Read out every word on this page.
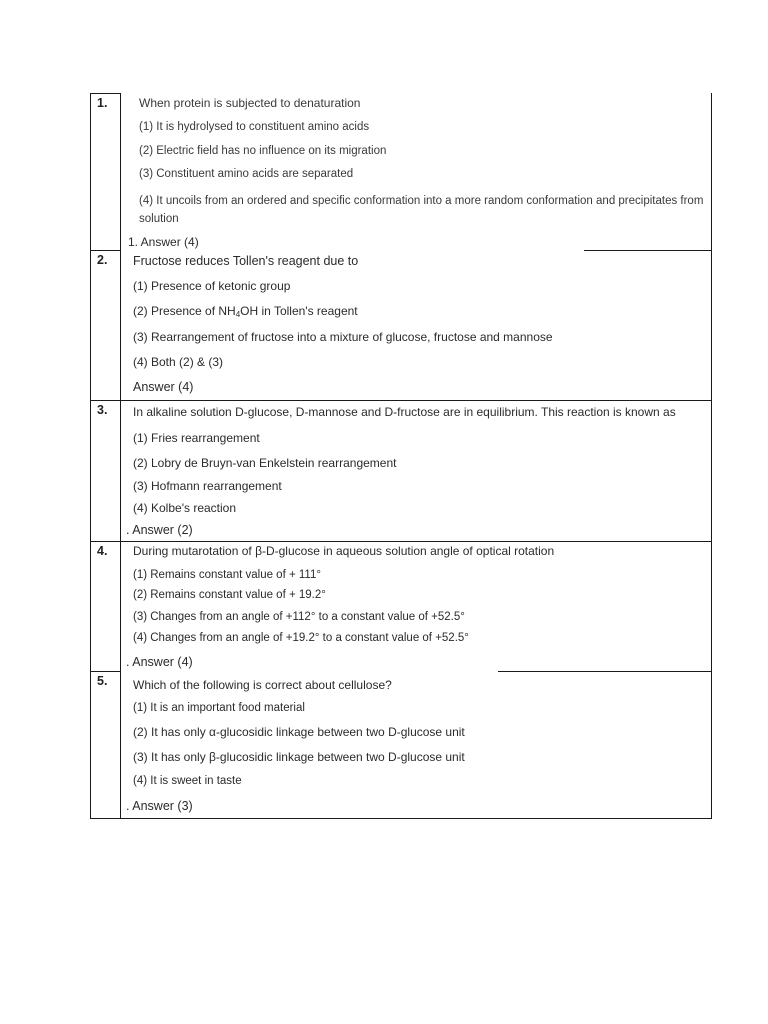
1.	When protein is subjected to denaturation
(1) It is hydrolysed to constituent amino acids
(2) Electric field has no influence on its migration
(3) Constituent amino acids are separated
(4) It uncoils from an ordered and specific conformation into a more random conformation and precipitates from solution
1. Answer (4)
2. Fructose reduces Tollen's reagent due to
(1) Presence of ketonic group
(2) Presence of $NH_4OH$ in Tollen's reagent
(3) Rearrangement of fructose into a mixture of glucose, fructose and mannose
(4) Both (2) & (3)
Answer (4)
3. In alkaline solution D-glucose, D-mannose and D-fructose are in equilibrium. This reaction is known as
(1) Fries rearrangement
(2) Lobry de Bruyn-van Enkelstein rearrangement
(3) Hofmann rearrangement
(4) Kolbe's reaction
. Answer (2)
4. During mutarotation of β-D-glucose in aqueous solution angle of optical rotation
(1) Remains constant value of + 111°
(2) Remains constant value of + 19.2°
(3) Changes from an angle of +112° to a constant value of +52.5°
(4) Changes from an angle of +19.2° to a constant value of +52.5°
. Answer (4)
5. Which of the following is correct about cellulose?
(1) It is an important food material
(2) It has only α-glucosidic linkage between two D-glucose unit
(3) It has only β-glucosidic linkage between two D-glucose unit
(4) It is sweet in taste
. Answer (3)
